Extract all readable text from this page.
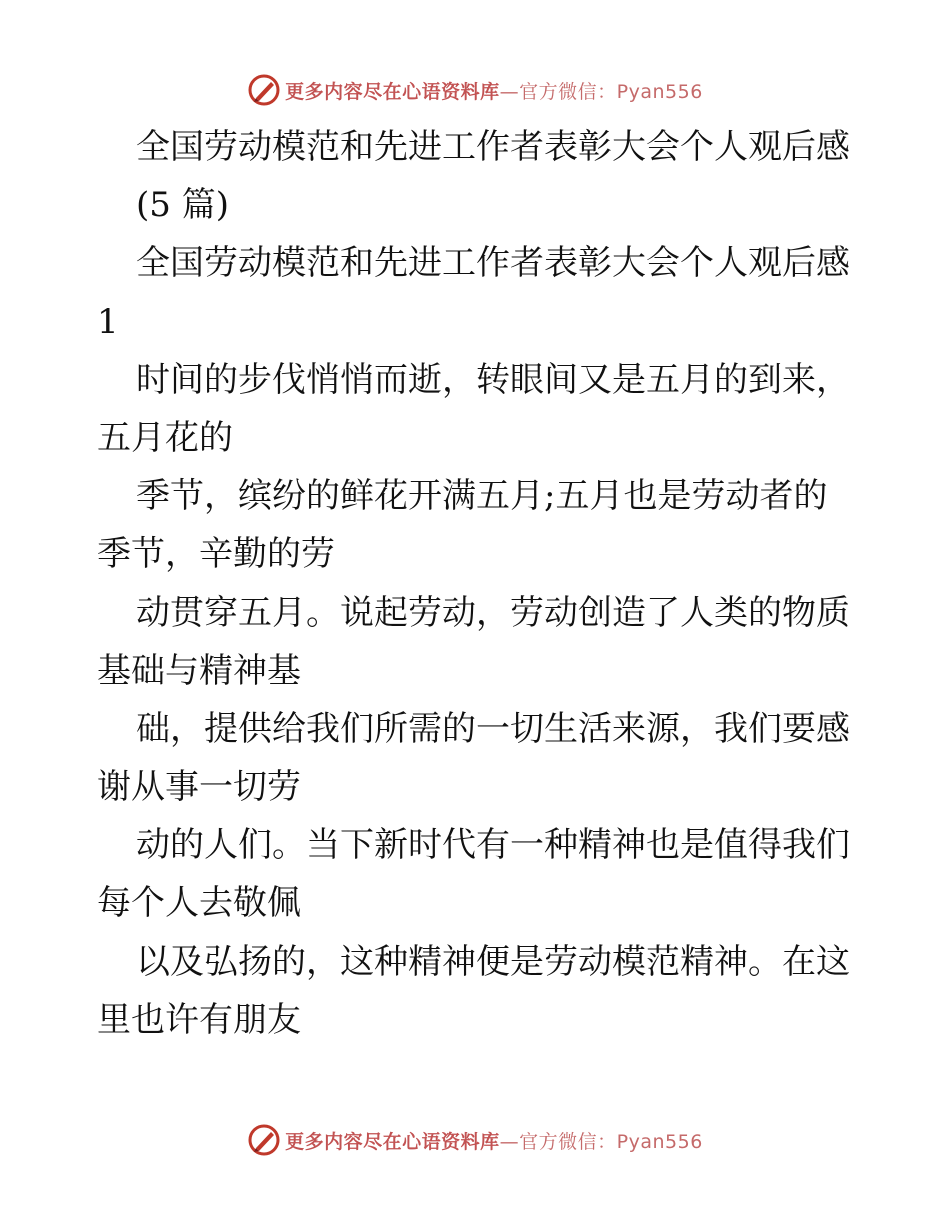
更多内容尽在心语资料库—官方微信：Pyan556
全国劳动模范和先进工作者表彰大会个人观后感
(5 篇)
全国劳动模范和先进工作者表彰大会个人观后感
1
时间的步伐悄悄而逝，转眼间又是五月的到来，
五月花的
季节，缤纷的鲜花开满五月;五月也是劳动者的
季节，辛勤的劳
动贯穿五月。说起劳动，劳动创造了人类的物质
基础与精神基
础，提供给我们所需的一切生活来源，我们要感
谢从事一切劳
动的人们。当下新时代有一种精神也是值得我们
每个人去敬佩
以及弘扬的，这种精神便是劳动模范精神。在这
里也许有朋友
更多内容尽在心语资料库—官方微信：Pyan556
